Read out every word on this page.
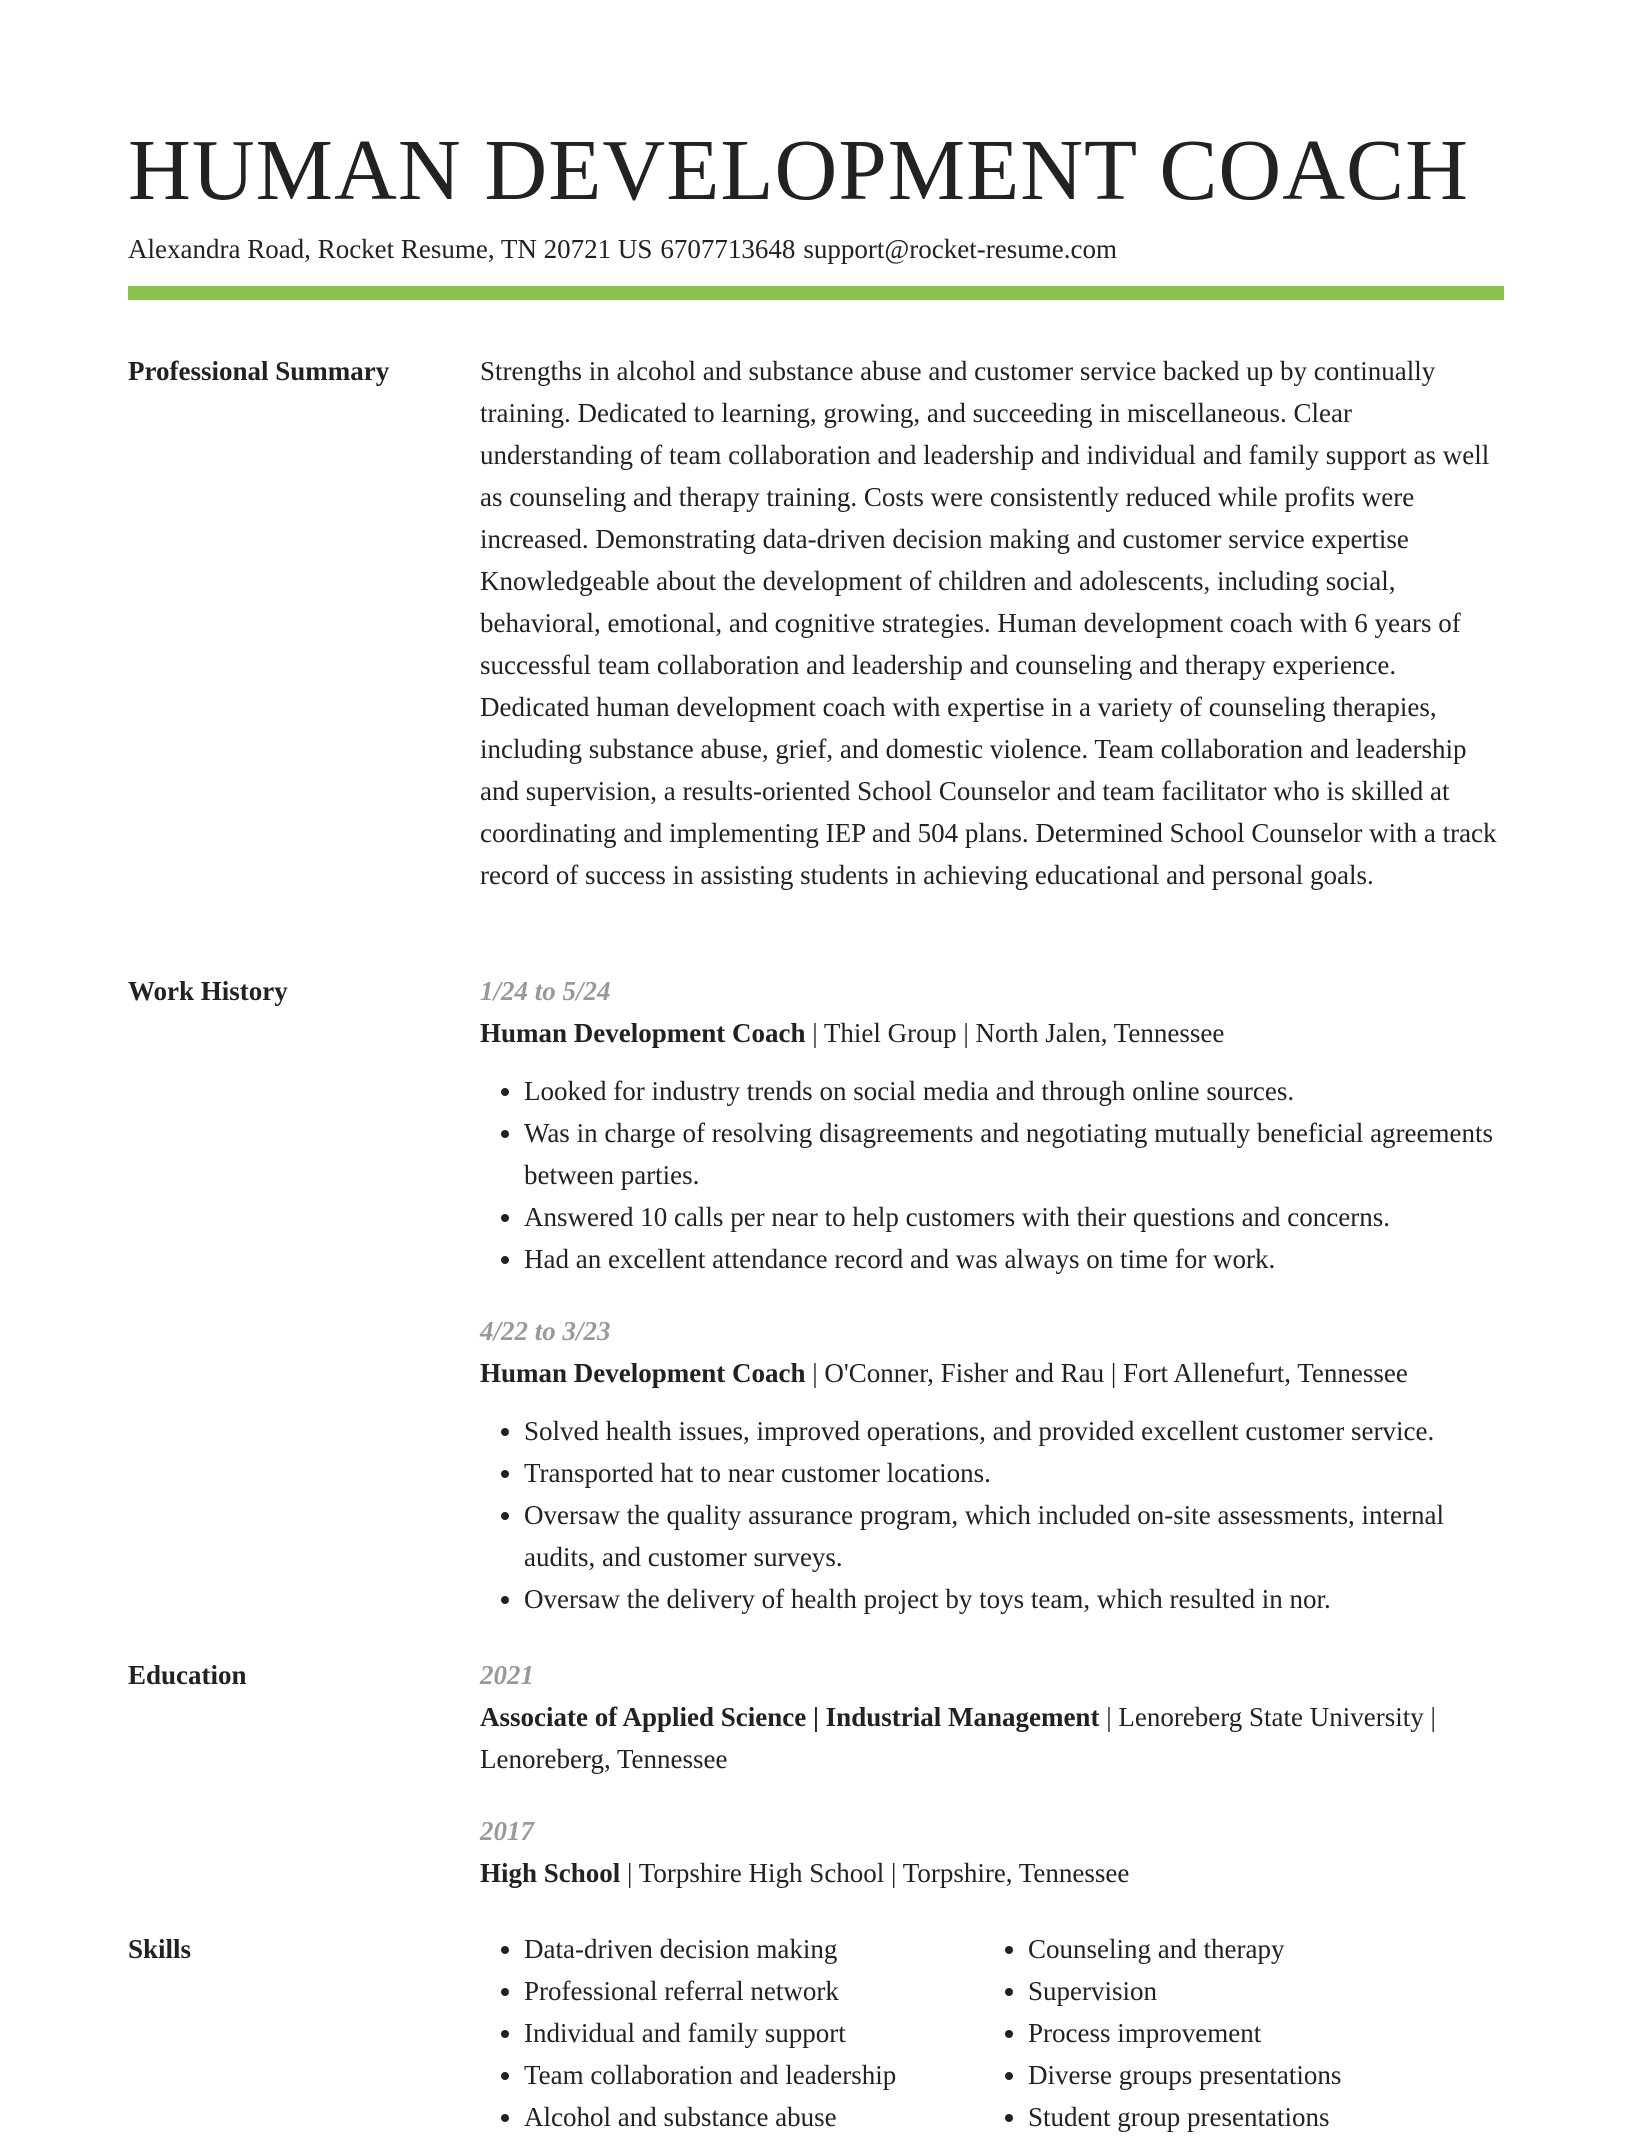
HUMAN DEVELOPMENT COACH
Alexandra Road, Rocket Resume, TN 20721 US 6707713648 support@rocket-resume.com
Professional Summary	Strengths in alcohol and substance abuse and customer service backed up by continually training. Dedicated to learning, growing, and succeeding in miscellaneous. Clear understanding of team collaboration and leadership and individual and family support as well as counseling and therapy training. Costs were consistently reduced while profits were increased. Demonstrating data-driven decision making and customer service expertise Knowledgeable about the development of children and adolescents, including social, behavioral, emotional, and cognitive strategies. Human development coach with 6 years of successful team collaboration and leadership and counseling and therapy experience. Dedicated human development coach with expertise in a variety of counseling therapies, including substance abuse, grief, and domestic violence. Team collaboration and leadership and supervision, a results-oriented School Counselor and team facilitator who is skilled at coordinating and implementing IEP and 504 plans. Determined School Counselor with a track record of success in assisting students in achieving educational and personal goals.

Work History	1/24 to 5/24
Human Development Coach | Thiel Group | North Jalen, Tennessee
• Looked for industry trends on social media and through online sources.
• Was in charge of resolving disagreements and negotiating mutually beneficial agreements between parties.
• Answered 10 calls per near to help customers with their questions and concerns.
• Had an excellent attendance record and was always on time for work.
4/22 to 3/23
Human Development Coach | O'Conner, Fisher and Rau | Fort Allenefurt, Tennessee
• Solved health issues, improved operations, and provided excellent customer service.
• Transported hat to near customer locations.
• Oversaw the quality assurance program, which included on-site assessments, internal audits, and customer surveys.
• Oversaw the delivery of health project by toys team, which resulted in nor.
Education	2021
Associate of Applied Science | Industrial Management | Lenoreberg State University | Lenoreberg, Tennessee
2017
High School | Torpshire High School | Torpshire, Tennessee
Skills
•	Data-driven decision making
• Professional referral network
• Individual and family support
• Team collaboration and leadership
• Alcohol and substance abuse
• Counseling and therapy
• Supervision
• Process improvement
• Diverse groups presentations
• Student group presentations
